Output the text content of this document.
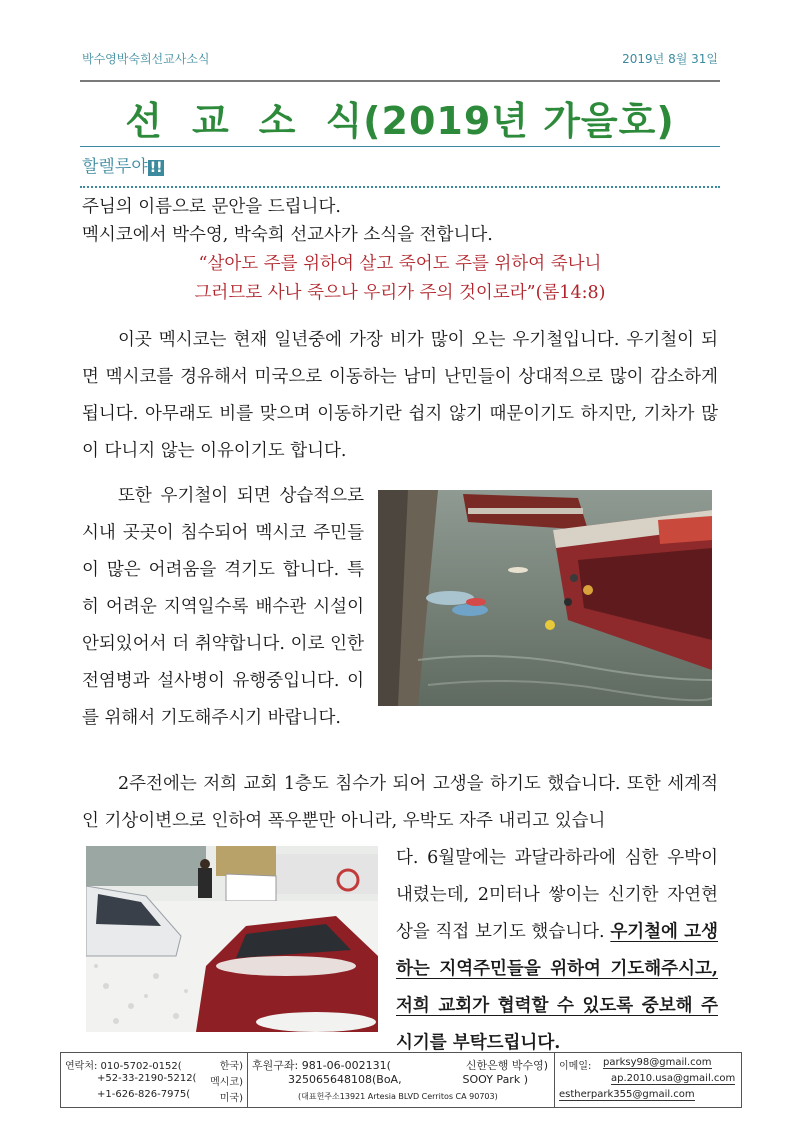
박수영박숙희선교사소식	2019년 8월 31일
선교소식(2019년 가을호)
할렐루야 !!
주님의 이름으로 문안을 드립니다.
멕시코에서 박수영, 박숙희 선교사가 소식을 전합니다.
“살아도 주를 위하여 살고 죽어도 주를 위하여 죽나니
그러므로 사나 죽으나 우리가 주의 것이로라”(롬14:8)
이곳 멕시코는 현재 일년중에 가장 비가 많이 오는 우기철입니다. 우기철이 되면 멕시코를 경유해서 미국으로 이동하는 남미 난민들이 상대적으로 많이 감소하게 됩니다. 아무래도 비를 맞으며 이동하기란 쉽지 않기 때문이기도 하지만, 기차가 많이 다니지 않는 이유이기도 합니다.
또한 우기철이 되면 상습적으로 시내 곳곳이 침수되어 멕시코 주민들이 많은 어려움을 격기도 합니다. 특히 어려운 지역일수록 배수관 시설이 안되있어서 더 취약합니다. 이로 인한 전염병과 설사병이 유행중입니다. 이를 위해서 기도해주시기 바랍니다.
2주전에는 저희 교회 1층도 침수가 되어 고생을 하기도 했습니다. 또한 세계적인 기상이변으로 인하여 폭우뿐만 아니라, 우박도 자주 내리고 있습니
다. 6월말에는 과달라하라에 심한 우박이 내렸는데, 2미터나 쌓이는 신기한 자연현상을 직접 보기도 했습니다. 우기철에 고생하는 지역주민들을 위하여 기도해주시고, 저희 교회가 협력할 수 있도록 중보해 주시기를 부탁드립니다.
연락처: 010-5702-0152(	한국)
+52-33-2190-5212( 멕시코)
+1-626-826-7975(	미국)
후원구좌: 981-06-002131(	신한은행 박수영)
325065648108(BoA,	SOOY Park )
(대표헌주소13921 Artesia BLVD Cerritos CA 90703)
이메일: parksy98@gmail.com
ap.2010.usa@gmail.com
estherpark355@gmail.com
